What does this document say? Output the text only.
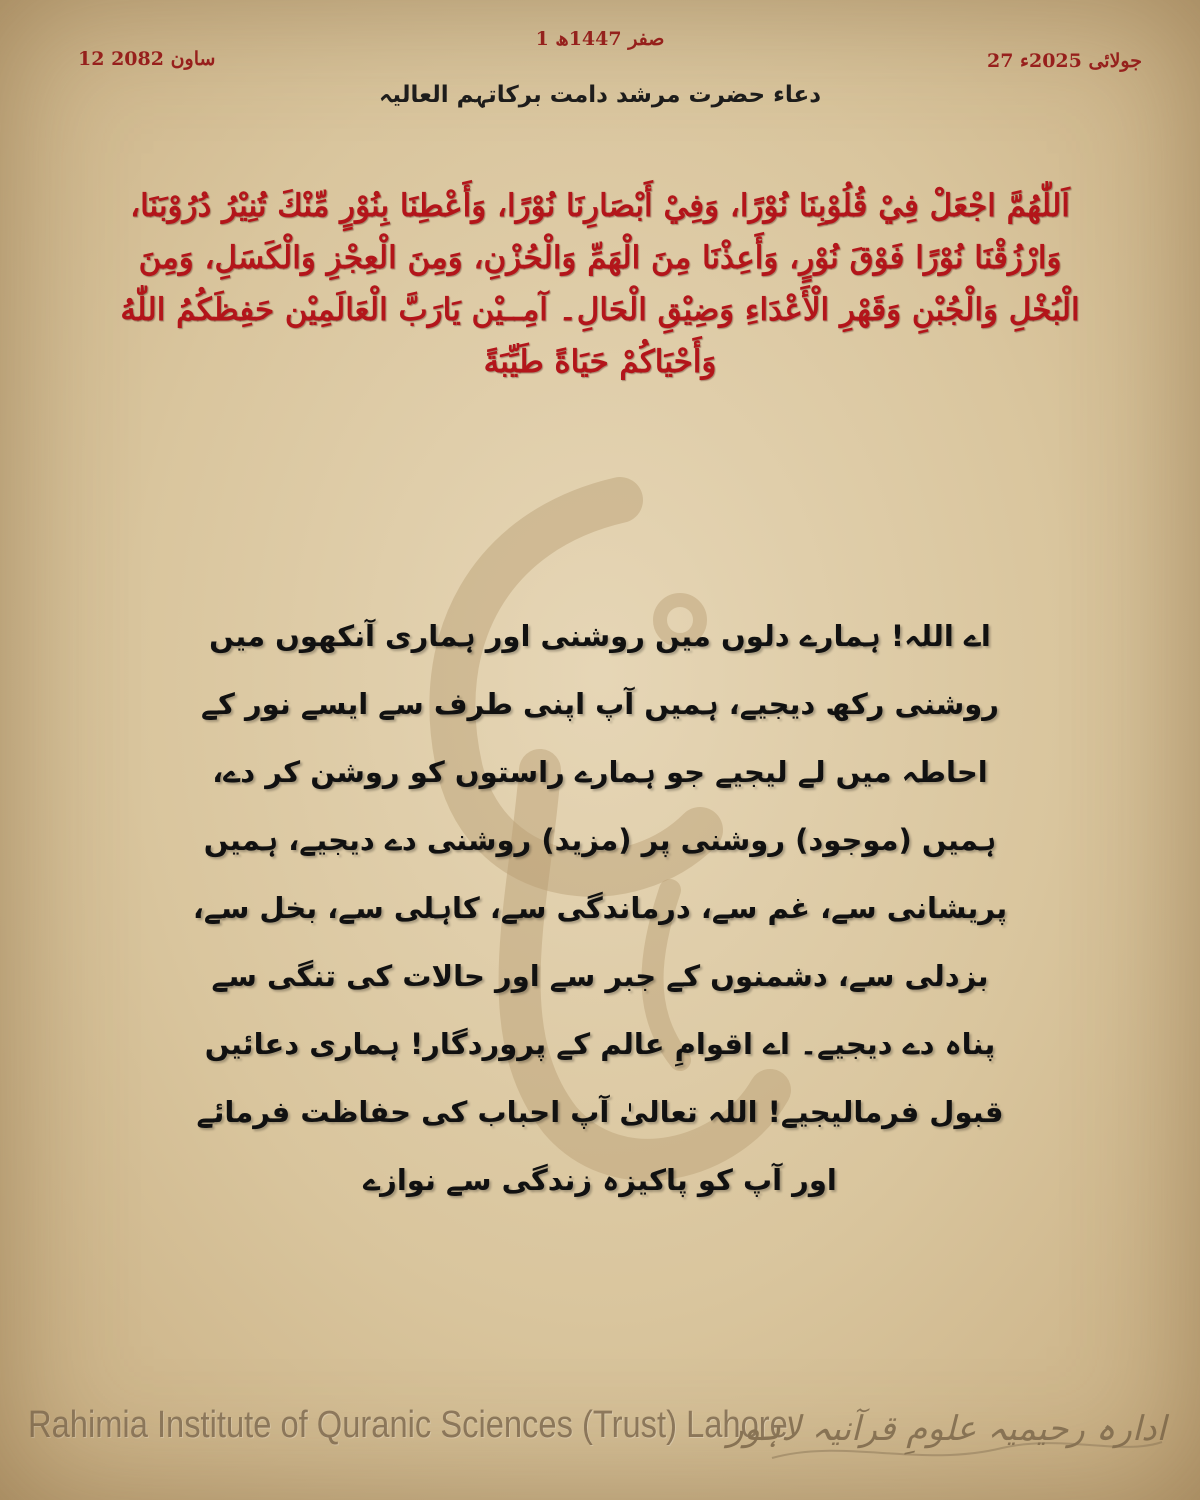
1 صفر 1447ھ
27 جولائی 2025ء
12 ساون 2082
دعاء حضرت مرشد دامت برکاتہم العالیہ
اَللّٰهُمَّ اجْعَلْ فِيْ قُلُوْبِنَا نُوْرًا، وَفِيْ أَبْصَارِنَا نُوْرًا، وَأَعْطِنَا بِنُوْرٍ مِّنْكَ تُنِيْرُ دُرُوْبَنَا، وَارْزُقْنَا نُوْرًا فَوْقَ نُوْرٍ، وَأَعِذْنَا مِنَ الْهَمِّ وَالْحُزْنِ، وَمِنَ الْعِجْزِ وَالْكَسَلِ، وَمِنَ الْبُخْلِ وَالْجُبْنِ وَقَهْرِ الْأَعْدَاءِ وَضِيْقِ الْحَالِ۔ آمِــيْن يَارَبَّ الْعَالَمِيْن حَفِظَكُمُ اللّٰهُ وَأَحْيَاكُمْ حَيَاةً طَيِّبَةً
اے اللہ! ہمارے دلوں میں روشنی اور ہماری آنکھوں میں روشنی رکھ دیجیے، ہمیں آپ اپنی طرف سے ایسے نور کے احاطہ میں لے لیجیے جو ہمارے راستوں کو روشن کر دے، ہمیں (موجود) روشنی پر (مزید) روشنی دے دیجیے، ہمیں پریشانی سے، غم سے، درماندگی سے، کاہلی سے، بخل سے، بزدلی سے، دشمنوں کے جبر سے اور حالات کی تنگی سے پناہ دے دیجیے۔ اے اقوامِ عالم کے پروردگار! ہماری دعائیں قبول فرمالیجیے! اللہ تعالیٰ آپ احباب کی حفاظت فرمائے اور آپ کو پاکیزہ زندگی سے نوازے
Rahimia Institute of Quranic Sciences (Trust) Lahore
ادارہ رحیمیہ علومِ قرآنیہ لاہور
